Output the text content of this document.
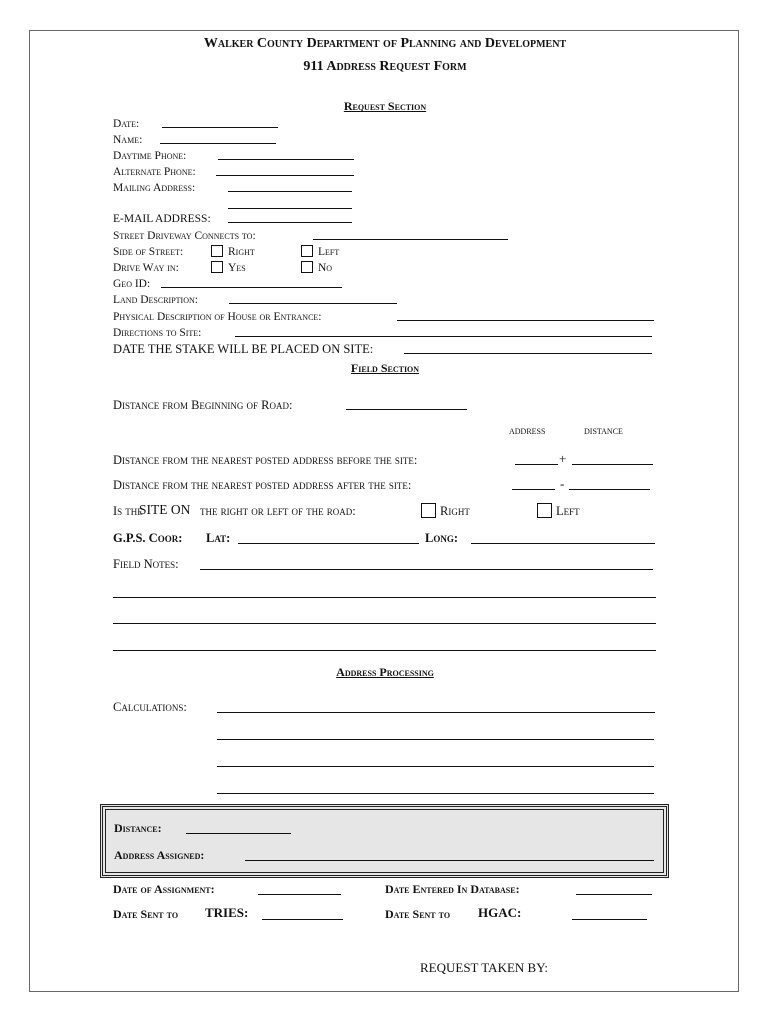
Walker County Department of Planning and Development
911 Address Request Form
Request Section
Date:
Name:
Daytime Phone:
Alternate Phone:
Mailing Address:
E-MAIL ADDRESS:
Street Driveway Connects to:
Side of Street:	Right	Left
Drive Way in:	Yes	No
Geo ID:
Land Description:
Physical Description of House or Entrance:
Directions to Site:
DATE THE STAKE WILL BE PLACED ON SITE:
Field Section
Distance from Beginning of Road:
address	distance
Distance from the nearest posted address before the site:	+
Distance from the nearest posted address after the site:	-
Is the
SITE ON the right or left of the road:	Right	Left
G.P.S. Coor: Lat:	Long:
Field Notes:
Address Processing
Calculations:
Distance:
Address Assigned:
Date of Assignment:	Date Entered In Database:
Date Sent to TRIES:	Date Sent to HGAC:
REQUEST TAKEN BY:
